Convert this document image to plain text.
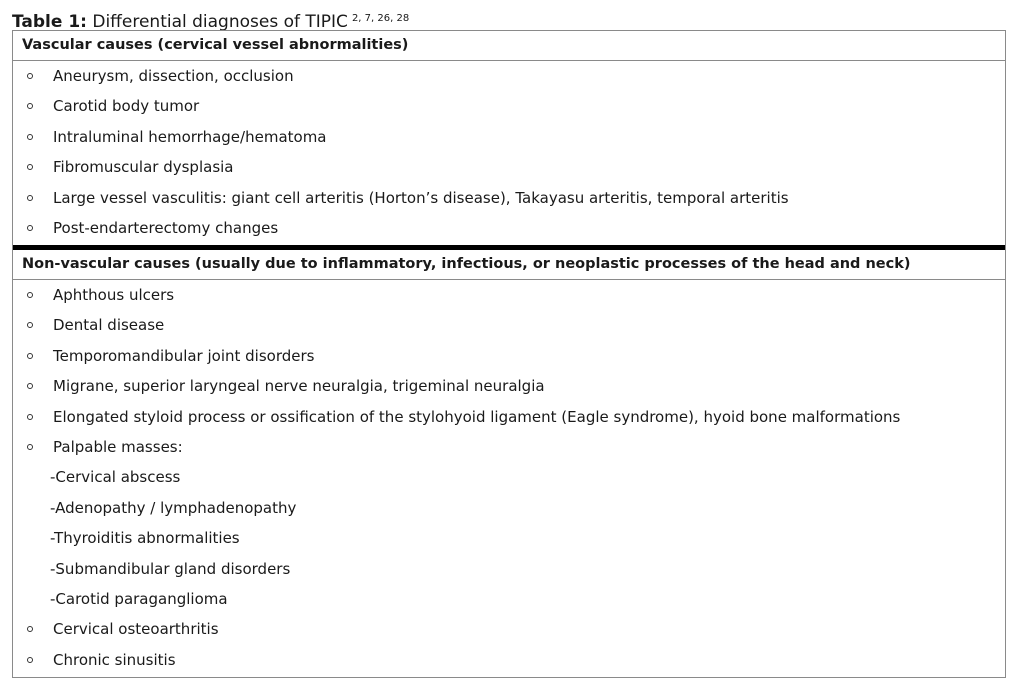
Table 1: Differential diagnoses of TIPIC $^{2, 7, 26, 28}$
Vascular causes (cervical vessel abnormalities)
Aneurysm, dissection, occlusion
Carotid body tumor
Intraluminal hemorrhage/hematoma
Fibromuscular dysplasia
Large vessel vasculitis: giant cell arteritis (Horton’s disease), Takayasu arteritis, temporal arteritis
Post-endarterectomy changes
Non-vascular causes (usually due to inflammatory, infectious, or neoplastic processes of the head and neck)
Aphthous ulcers
Dental disease
Temporomandibular joint disorders
Migrane, superior laryngeal nerve neuralgia, trigeminal neuralgia
Elongated styloid process or ossification of the stylohyoid ligament (Eagle syndrome), hyoid bone malformations
Palpable masses:
-Cervical abscess
-Adenopathy / lymphadenopathy
-Thyroiditis abnormalities
-Submandibular gland disorders
-Carotid paraganglioma
Cervical osteoarthritis
Chronic sinusitis
